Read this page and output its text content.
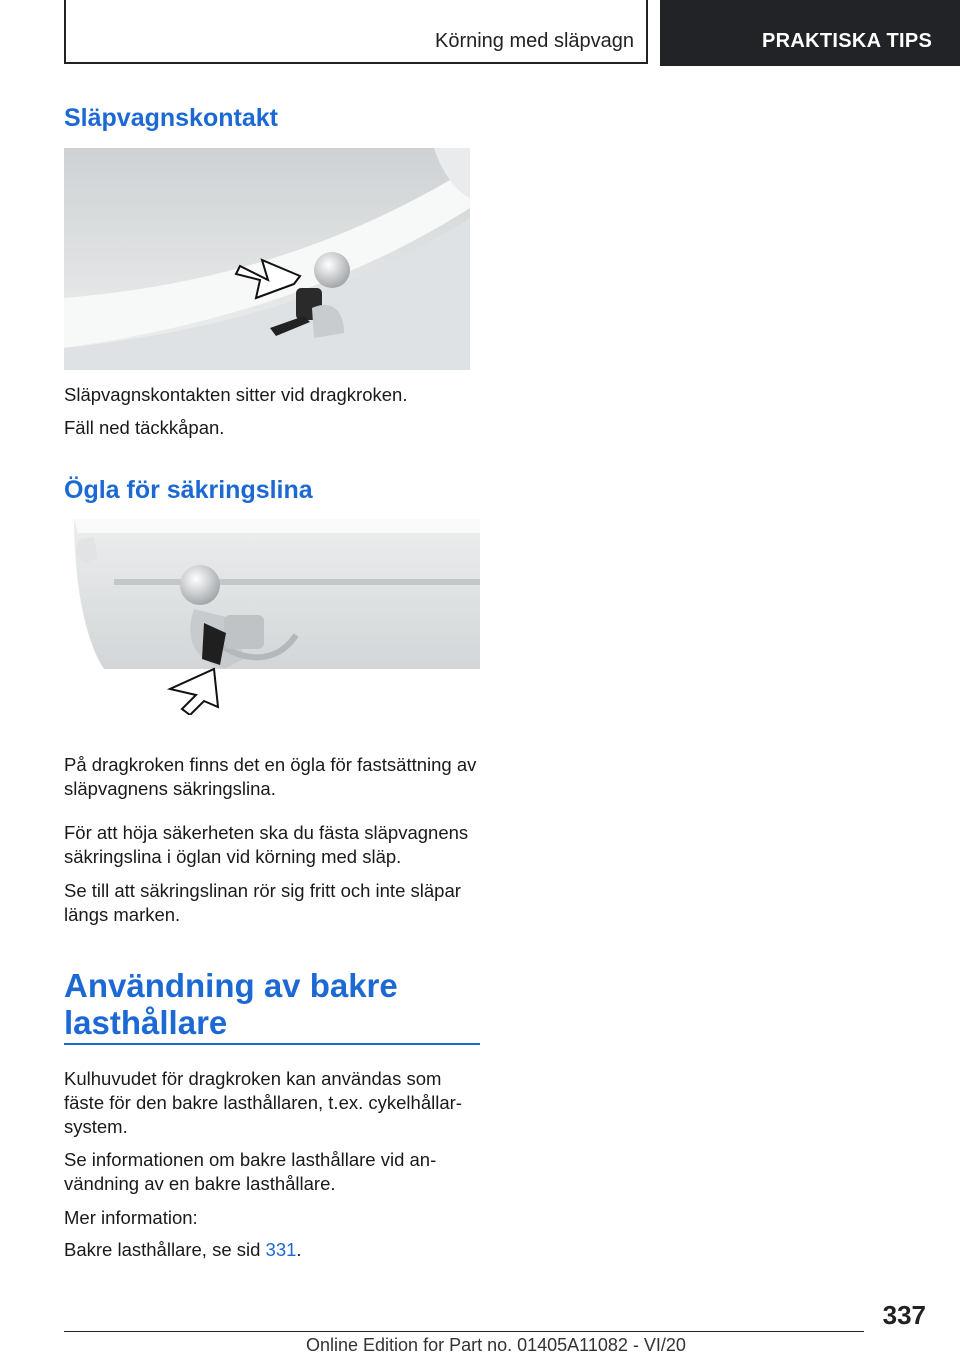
Körning med släpvagn	PRAKTISKA TIPS
Släpvagnskontakt
Släpvagnskontakten sitter vid dragkroken.
Fäll ned täckkåpan.
Ögla för säkringslina
På dragkroken finns det en ögla för fastsättning av släpvagnens säkringslina.
För att höja säkerheten ska du fästa släpvagnens säkringslina i öglan vid körning med släp.
Se till att säkringslinan rör sig fritt och inte släpar längs marken.
Användning av bakre
lasthållare
Kulhuvudet för dragkroken kan användas som fäste för den bakre lasthållaren, t.ex. cykelhållar-system.
Se informationen om bakre lasthållare vid an-vändning av en bakre lasthållare.
Mer information:
Bakre lasthållare, se sid 331.
337
Online Edition for Part no. 01405A11082 - VI/20
